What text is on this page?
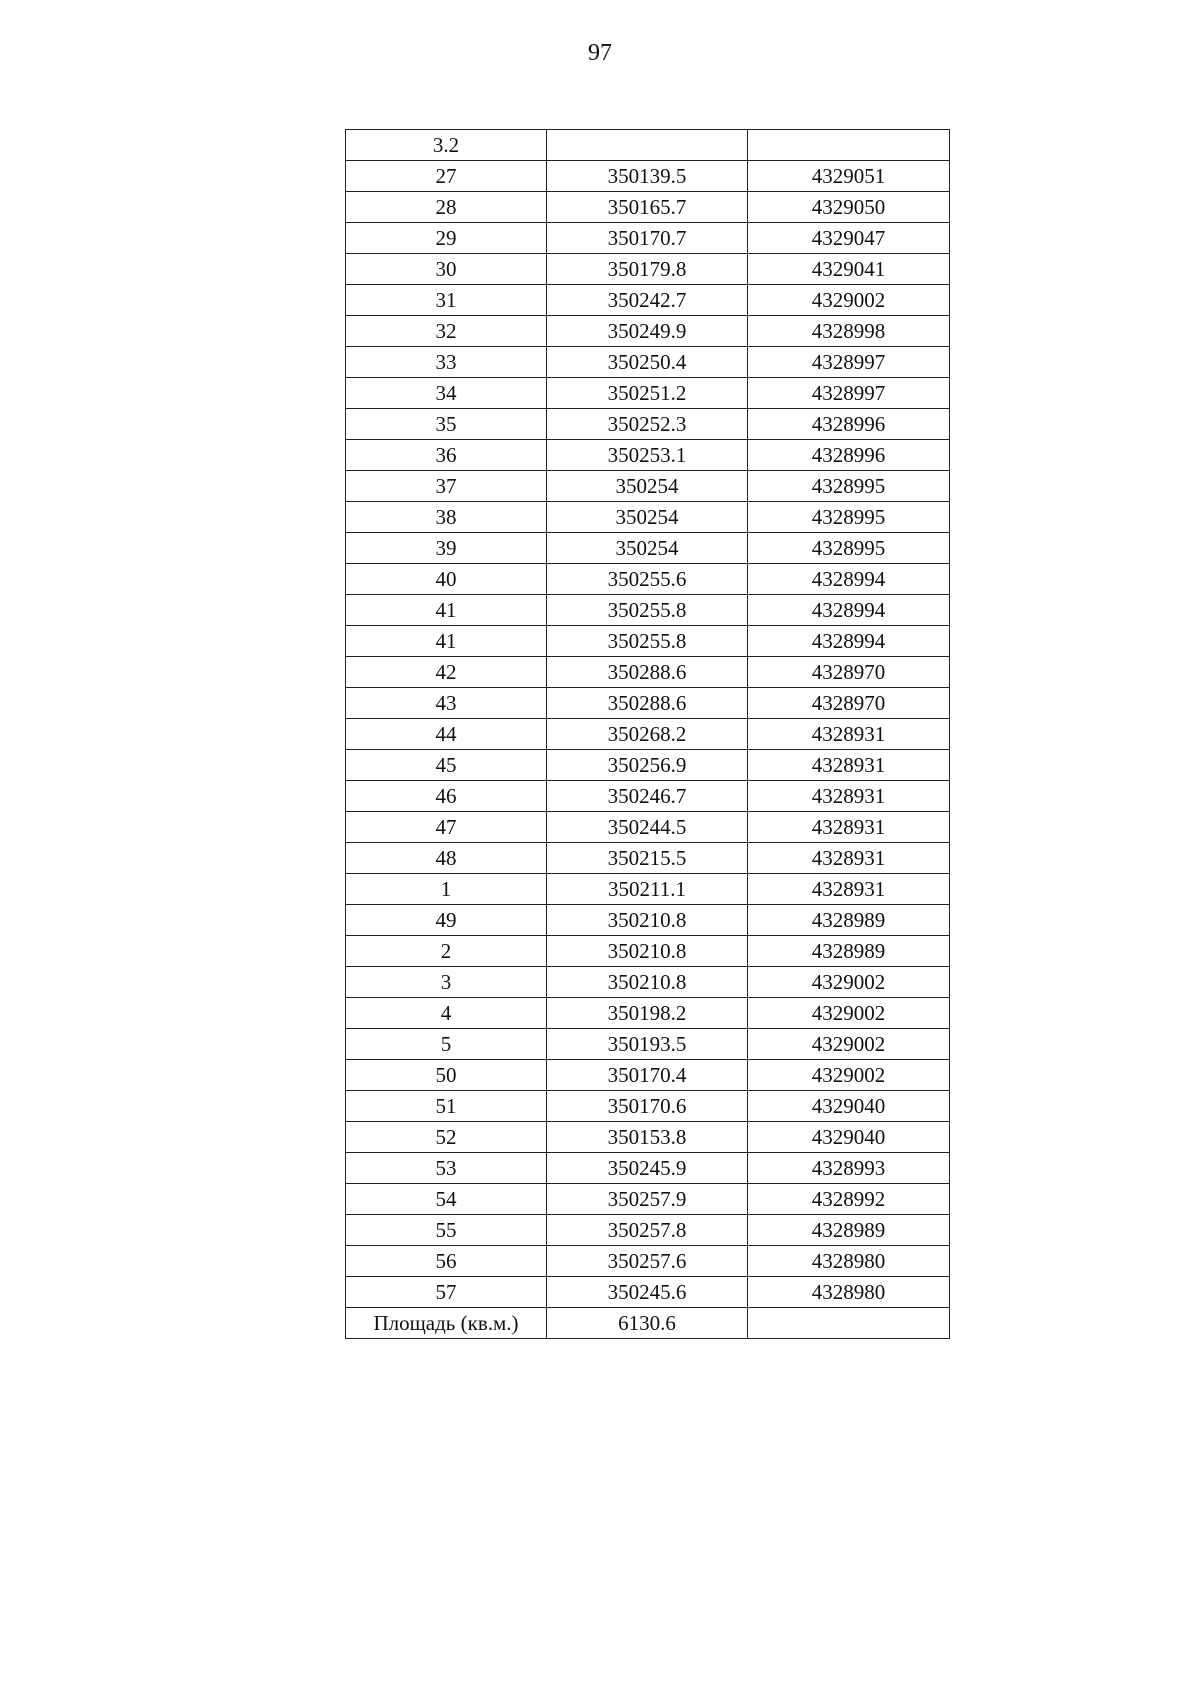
97
3.2		
27	350139.5	4329051
28	350165.7	4329050
29	350170.7	4329047
30	350179.8	4329041
31	350242.7	4329002
32	350249.9	4328998
33	350250.4	4328997
34	350251.2	4328997
35	350252.3	4328996
36	350253.1	4328996
37	350254	4328995
38	350254	4328995
39	350254	4328995
40	350255.6	4328994
41	350255.8	4328994
41	350255.8	4328994
42	350288.6	4328970
43	350288.6	4328970
44	350268.2	4328931
45	350256.9	4328931
46	350246.7	4328931
47	350244.5	4328931
48	350215.5	4328931
1	350211.1	4328931
49	350210.8	4328989
2	350210.8	4328989
3	350210.8	4329002
4	350198.2	4329002
5	350193.5	4329002
50	350170.4	4329002
51	350170.6	4329040
52	350153.8	4329040
53	350245.9	4328993
54	350257.9	4328992
55	350257.8	4328989
56	350257.6	4328980
57	350245.6	4328980
Площадь (кв.м.)	6130.6	
